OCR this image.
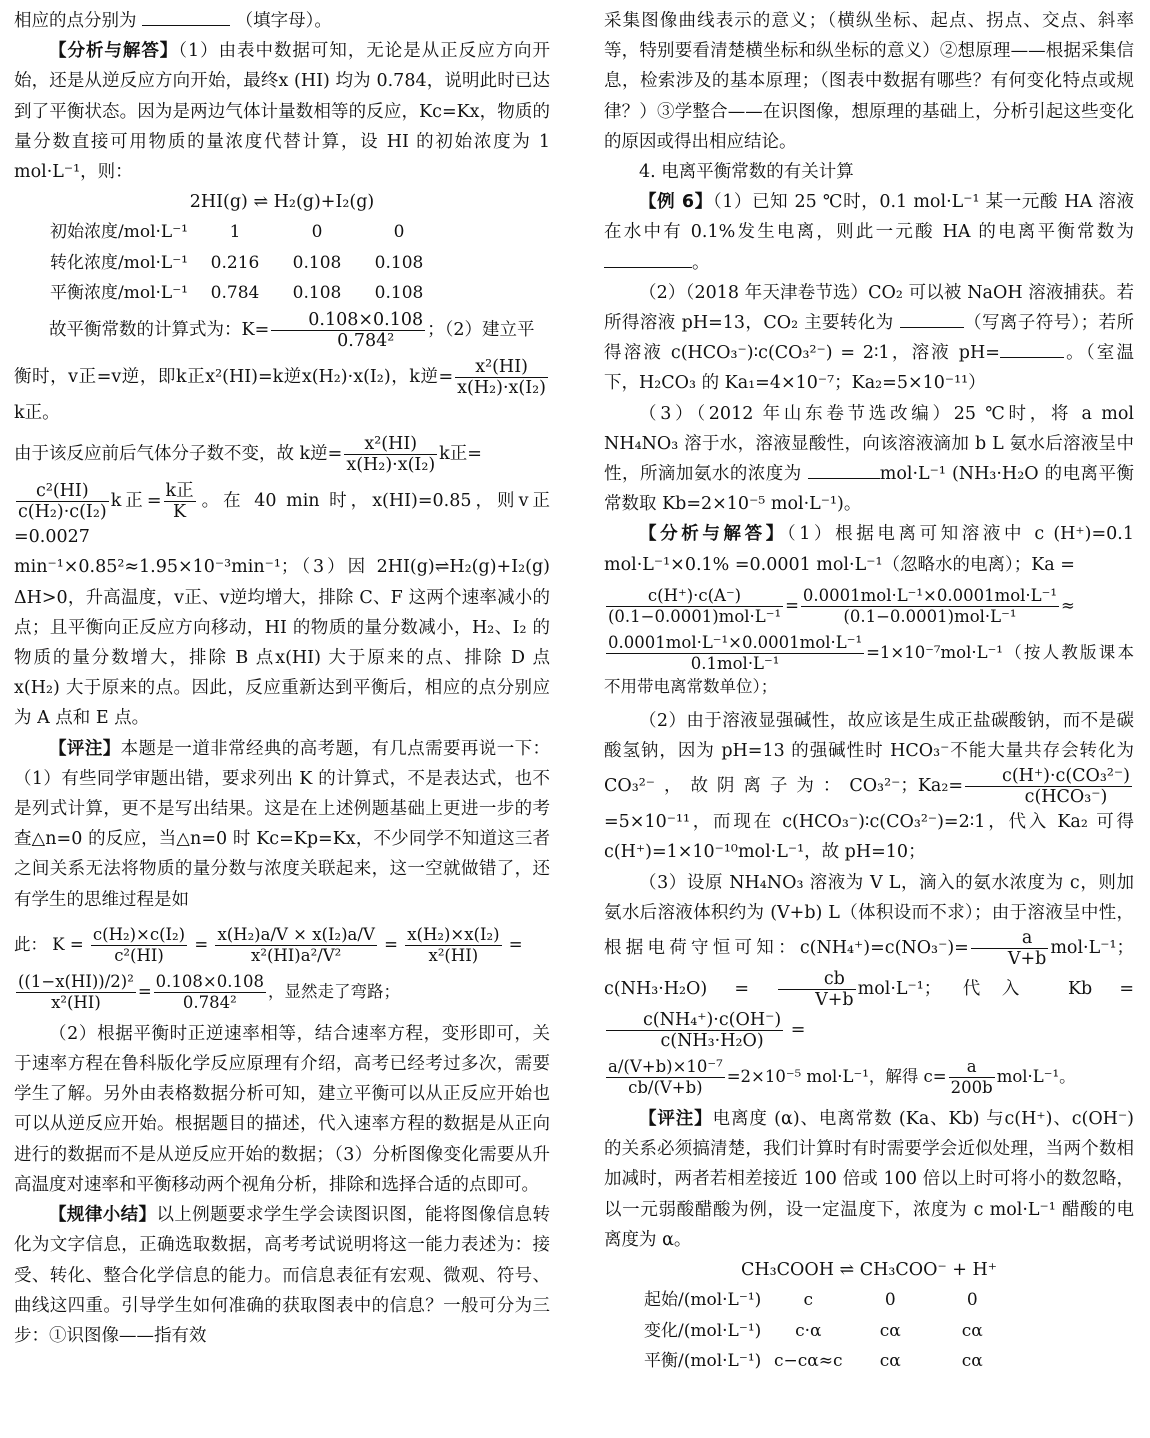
相应的点分别为	（填字母）。

【分析与解答】（1）由表中数据可知，无论是从正反应方向开始，还是从逆反应方向开始，最终x (HI) 均为 0.784，说明此时已达到了平衡状态。因为是两边气体计量数相等的反应，Kc=Kx，物质的量分数直接可用物质的量浓度代替计算，设 HI 的初始浓度为 1 mol·L⁻¹，则：

2HI(g) ⇌ H₂(g)+I₂(g)

初始浓度/mol·L⁻¹	1	0	0
转化浓度/mol·L⁻¹	0.216	0.108	0.108
平衡浓度/mol·L⁻¹	0.784	0.108	0.108

故平衡常数的计算式为：$K= \frac{0.108\times 0.108}{\text{0.784²}}$ ；（2）建立平

衡时，v正=v逆，即k正x²(HI)=k逆x(H₂)·x(I₂)，k逆= $\frac{\text{x²(HI)}}{\text{x(H₂)·x(I₂)}}$
k正。

由于该反应前后气体分子数不变，故 k逆= $\frac{\text{x²(HI)}}{\text{x(H₂)·x(I₂)}}$ k正=

$\frac{\text{c²(HI)}}{\text{c(H₂)·c(I₂)}}$ k正= $\frac{\text{k正}}{K}$ 。在 40 min 时，x(HI)=0.85，则v正=0.0027

min⁻¹×0.85²≈1.95×10⁻³min⁻¹；（3）因 2HI(g)⇌H₂(g)+I₂(g) ΔH>0，升高温度，v正、v逆均增大，排除 C、F 这两个速率减小的点；且平衡向正反应方向移动，HI 的物质的量分数减小，H₂、I₂ 的物质的量分数增大，排除 B 点x(HI) 大于原来的点、排除 D 点 x(H₂) 大于原来的点。因此，反应重新达到平衡后，相应的点分别应为 A 点和 E 点。

【评注】本题是一道非常经典的高考题，有几点需要再说一下：（1）有些同学审题出错，要求列出 K 的计算式，不是表达式，也不是列式计算，更不是写出结果。这是在上述例题基础上更进一步的考查△n=0 的反应，当△n=0 时 Kc=Kp=Kx，不少同学不知道这三者之间关系无法将物质的量分数与浓度关联起来，这一空就做错了，还有学生的思维过程是如

此： $K = \frac{\text{c(H₂)×c(I₂)}}{\text{c²(HI)}} = \frac{\text{x(H₂)a/V × x(I₂)a/V}}{\text{x²(HI)a²/V²}} = \frac{\text{x(H₂)×x(I₂)}}{\text{x²(HI)}}$ =

$\frac{\text{((1−x(HI))/2)²}}{\text{x²(HI)}} = \frac{0.108\times 0.108}{\text{0.784²}}$ ，显然走了弯路；

（2）根据平衡时正逆速率相等，结合速率方程，变形即可，关于速率方程在鲁科版化学反应原理有介绍，高考已经考过多次，需要学生了解。另外由表格数据分析可知，建立平衡可以从正反应开始也可以从逆反应开始。根据题目的描述，代入速率方程的数据是从正向进行的数据而不是从逆反应开始的数据；（3）分析图像变化需要从升高温度对速率和平衡移动两个视角分析，排除和选择合适的点即可。

【规律小结】以上例题要求学生学会读图识图，能将图像信息转化为文字信息，正确选取数据，高考考试说明将这一能力表述为：接受、转化、整合化学信息的能力。而信息表征有宏观、微观、符号、曲线这四重。引导学生如何准确的获取图表中的信息？一般可分为三步：①识图像——指有效

采集图像曲线表示的意义；（横纵坐标、起点、拐点、交点、斜率等，特别要看清楚横坐标和纵坐标的意义）②想原理——根据采集信息，检索涉及的基本原理；（图表中数据有哪些？有何变化特点或规律？）③学整合——在识图像，想原理的基础上，分析引起这些变化的原因或得出相应结论。

4. 电离平衡常数的有关计算

【例 6】（1）已知 25 ℃时，0.1 mol·L⁻¹ 某一元酸 HA 溶液在水中有 0.1%发生电离，则此一元酸 HA 的电离平衡常数为 。

（2）（2018 年天津卷节选）CO₂ 可以被 NaOH 溶液捕获。若所得溶液 pH=13，CO₂ 主要转化为	（写离子符号）；若所得溶液 c(HCO₃⁻)∶c(CO₃²⁻) = 2∶1，溶液 pH=	。（室温下，H₂CO₃ 的 Ka₁=4×10⁻⁷；Ka₂=5×10⁻¹¹）

（3）（2012 年山东卷节选改编）25 ℃时，将 a mol NH₄NO₃ 溶于水，溶液显酸性，向该溶液滴加 b L 氨水后溶液呈中性，所滴加氨水的浓度为	mol·L⁻¹ (NH₃·H₂O 的电离平衡常数取 Kb=2×10⁻⁵ mol·L⁻¹)。

【分析与解答】（1）根据电离可知溶液中 c (H⁺)=0.1 mol·L⁻¹×0.1% =0.0001 mol·L⁻¹（忽略水的电离）；Ka =

$\frac{c(H^+)\cdot c(A^-)}{\text{(0.1−0.0001)mol·L⁻¹}} = \frac{\text{0.0001mol·L⁻¹×0.0001mol·L⁻¹}}{\text{(0.1−0.0001)mol·L⁻¹}}$ ≈

$\frac{\text{0.0001mol·L⁻¹×0.0001mol·L⁻¹}}{\text{0.1mol·L⁻¹}} =1\times 10^{-7}mol\cdot L^{-1}$（按人教版课本不用带电离常数单位）；

（2）由于溶液显强碱性，故应该是生成正盐碳酸钠，而不是碳酸氢钠，因为 pH=13 的强碱性时 HCO₃⁻不能大量共存会转化为 CO₃²⁻，故阴离子为：CO₃²⁻；$Ka_2= \frac{\text{c(H⁺)·c(CO₃²⁻)}}{\text{c(HCO₃⁻)}}$
=5×10⁻¹¹，而现在 c(HCO₃⁻)∶c(CO₃²⁻)=2∶1，代入 Ka₂ 可得 c(H⁺)=1×10⁻¹⁰mol·L⁻¹，故 pH=10；

（3）设原 NH₄NO₃ 溶液为 V L，滴入的氨水浓度为 c，则加氨水后溶液体积约为 (V+b) L（体积设而不求）；由于溶液呈中性，根据电荷守恒可知：$c(NH_4^+)=c(NO_3^-)= \frac{a}{V+b} mol\cdot L^{-1}$；$c(NH_3\cdot H_2O) = \frac{cb}{V+b} mol\cdot L^{-1}$；代入 Kb =
$\frac{\text{c(NH₄⁺)·c(OH⁻)}}{\text{c(NH₃·H₂O)}}$ =

$\frac{\text{a/(V+b)×10⁻⁷}}{cb/(V+b)} =2\times 10^{-5}$ mol·L⁻¹，解得 $c= \frac{a}{200b} mol\cdot L^{-1}$。

【评注】电离度 (α)、电离常数 (Ka、Kb) 与c(H⁺)、c(OH⁻) 的关系必须搞清楚，我们计算时有时需要学会近似处理，当两个数相加减时，两者若相差接近 100 倍或 100 倍以上时可将小的数忽略，以一元弱酸醋酸为例，设一定温度下，浓度为 c mol·L⁻¹ 醋酸的电离度为 α。

CH₃COOH ⇌ CH₃COO⁻ + H⁺

起始/(mol·L⁻¹)	c	0	0
变化/(mol·L⁻¹)	c·α	cα	cα
平衡/(mol·L⁻¹)	c−cα≈c	cα	cα
